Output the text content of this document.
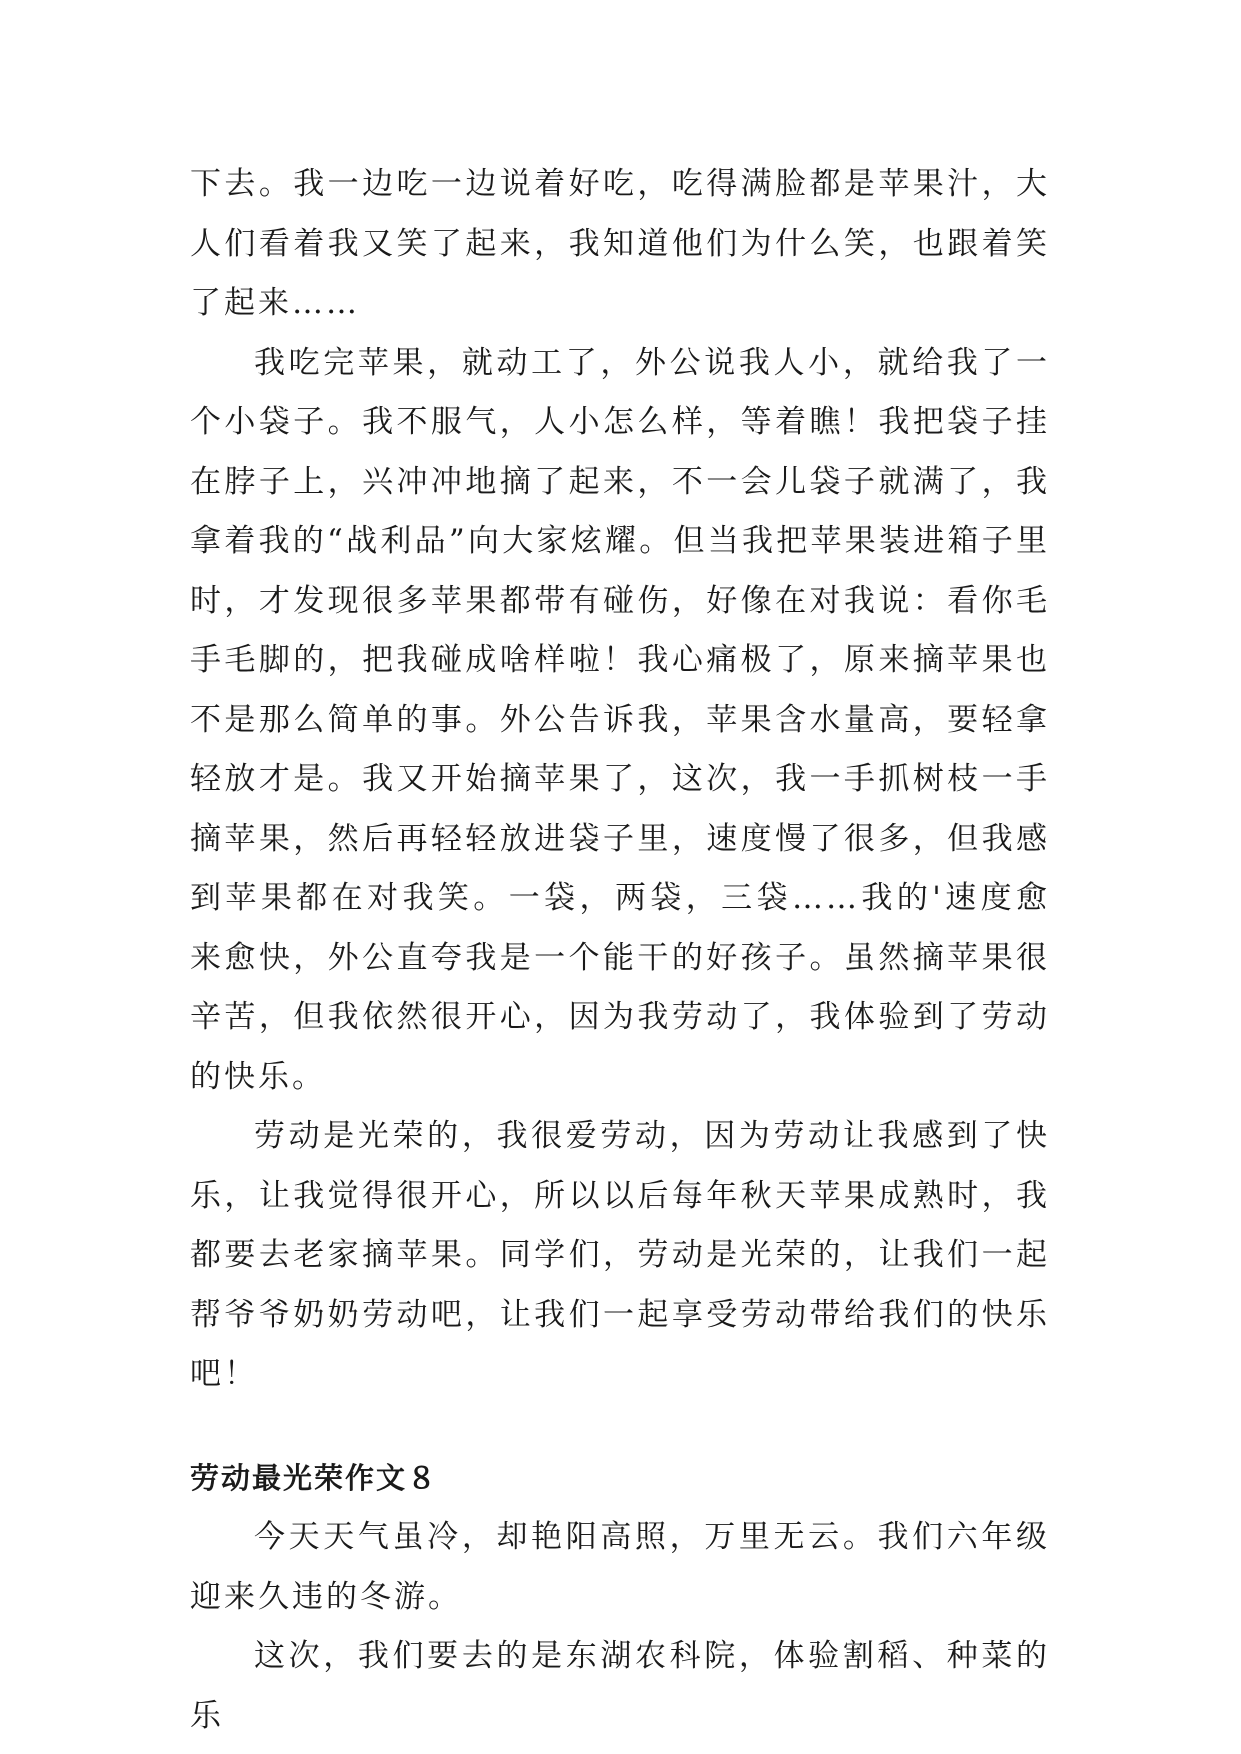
下去。我一边吃一边说着好吃，吃得满脸都是苹果汁，大人们看着我又笑了起来，我知道他们为什么笑，也跟着笑了起来……

我吃完苹果，就动工了，外公说我人小，就给我了一个小袋子。我不服气，人小怎么样，等着瞧！我把袋子挂在脖子上，兴冲冲地摘了起来，不一会儿袋子就满了，我拿着我的“战利品”向大家炫耀。但当我把苹果装进箱子里时，才发现很多苹果都带有碰伤，好像在对我说：看你毛手毛脚的，把我碰成啥样啦！我心痛极了，原来摘苹果也不是那么简单的事。外公告诉我，苹果含水量高，要轻拿轻放才是。我又开始摘苹果了，这次，我一手抓树枝一手摘苹果，然后再轻轻放进袋子里，速度慢了很多，但我感到苹果都在对我笑。一袋，两袋，三袋……我的'速度愈来愈快，外公直夸我是一个能干的好孩子。虽然摘苹果很辛苦，但我依然很开心，因为我劳动了，我体验到了劳动的快乐。

劳动是光荣的，我很爱劳动，因为劳动让我感到了快乐，让我觉得很开心，所以以后每年秋天苹果成熟时，我都要去老家摘苹果。同学们，劳动是光荣的，让我们一起帮爷爷奶奶劳动吧，让我们一起享受劳动带给我们的快乐吧！

劳动最光荣作文８

今天天气虽冷，却艳阳高照，万里无云。我们六年级迎来久违的冬游。

这次，我们要去的是东湖农科院，体验割稻、种菜的乐
